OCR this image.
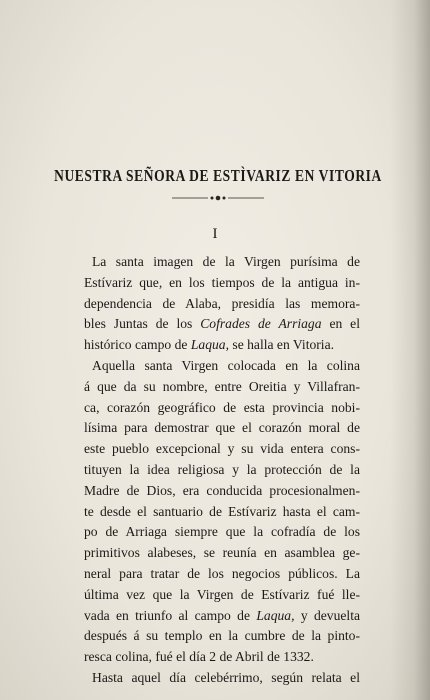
NUESTRA SEÑORA DE ESTÌVARIZ EN VITORIA
I
La santa imagen de la Virgen purísima de
Estívariz que, en los tiempos de la antigua in-
dependencia de Alaba, presidía las memora-
bles Juntas de los Cofrades de Arriaga en el
histórico campo de Laqua, se halla en Vitoria.
Aquella santa Virgen colocada en la colina
á que da su nombre, entre Oreitia y Villafran-
ca, corazón geográfico de esta provincia nobi-
lísima para demostrar que el corazón moral de
este pueblo excepcional y su vida entera cons-
tituyen la idea religiosa y la protección de la
Madre de Dios, era conducida procesionalmen-
te desde el santuario de Estívariz hasta el cam-
po de Arriaga siempre que la cofradía de los
primitivos alabeses, se reunía en asamblea ge-
neral para tratar de los negocios públicos. La
última vez que la Virgen de Estívariz fué lle-
vada en triunfo al campo de Laqua, y devuelta
después á su templo en la cumbre de la pinto-
resca colina, fué el día 2 de Abril de 1332.
Hasta aquel día celebérrimo, según relata el
